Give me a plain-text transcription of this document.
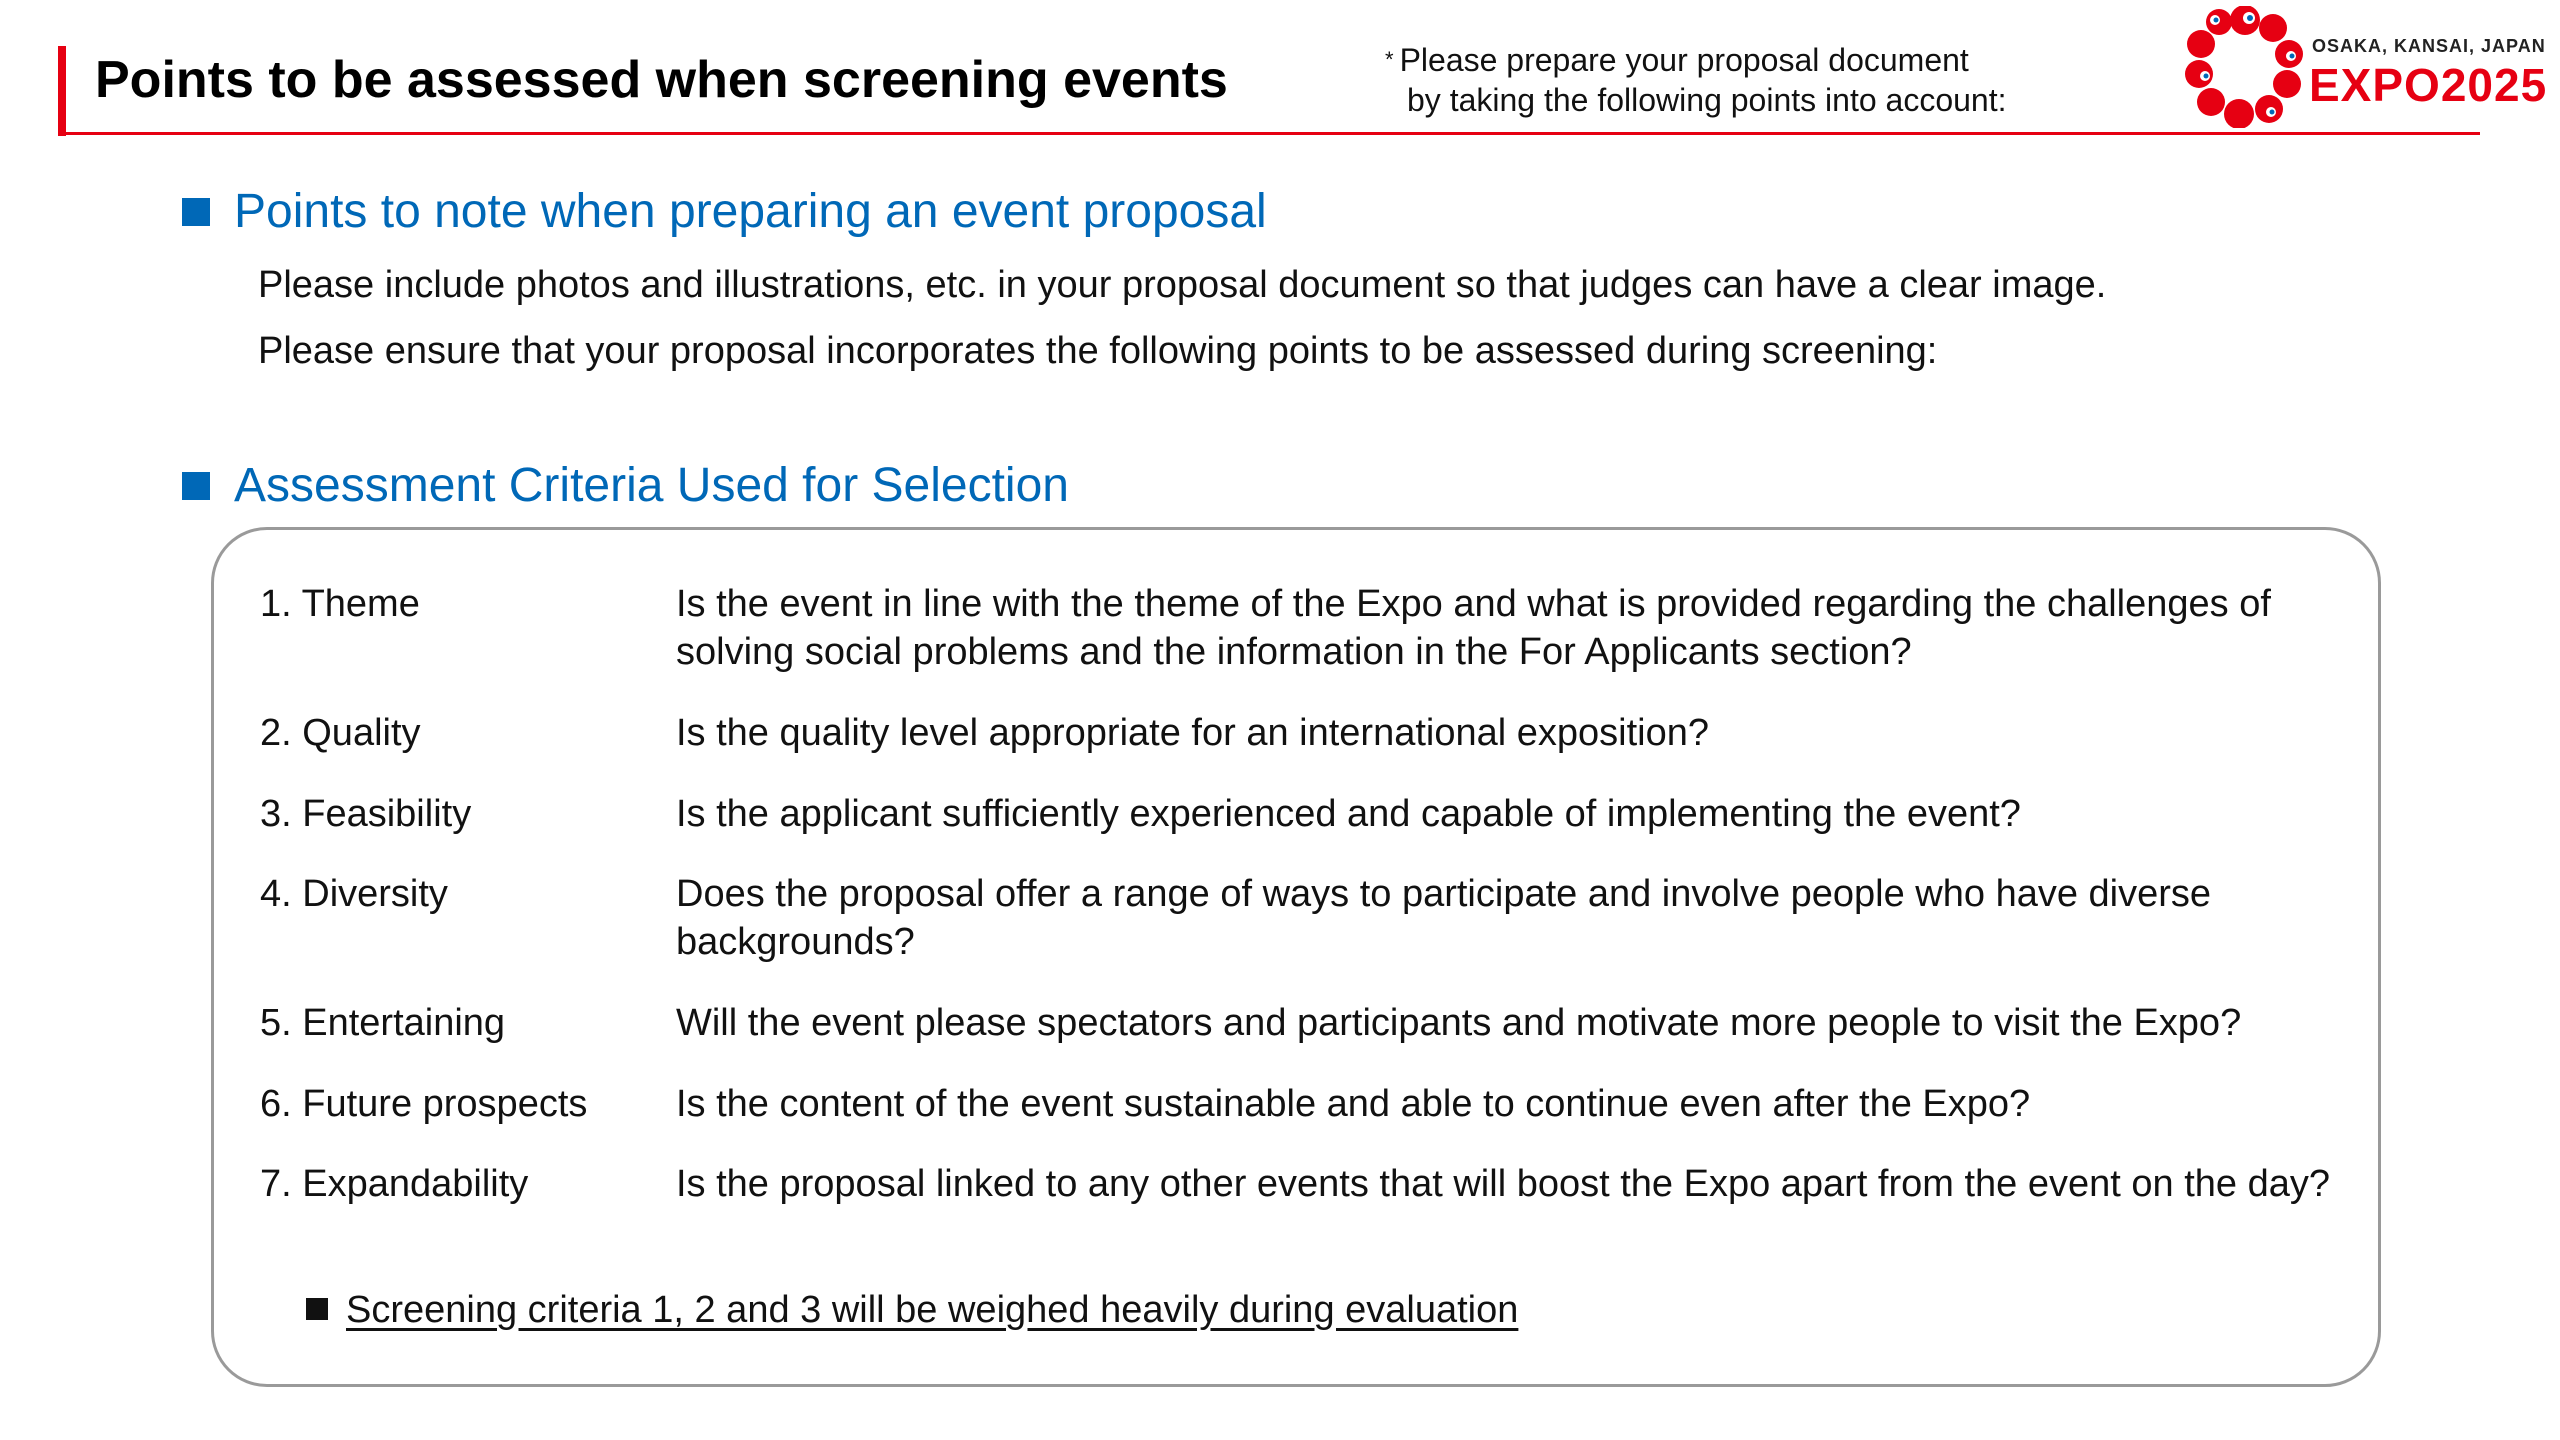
Points to be assessed when screening events	* Please prepare your proposal document
by taking the following points into account:
OSAKA, KANSAI, JAPAN
EXPO2025
Points to note when preparing an event proposal
Please include photos and illustrations, etc. in your proposal document so that judges can have a clear image.
Please ensure that your proposal incorporates the following points to be assessed during screening:
Assessment Criteria Used for Selection
1. Theme	Is the event in line with the theme of the Expo and what is provided regarding the challenges of solving social problems and the information in the For Applicants section?
2. Quality	Is the quality level appropriate for an international exposition?
3. Feasibility	Is the applicant sufficiently experienced and capable of implementing the event?
4. Diversity	Does the proposal offer a range of ways to participate and involve people who have diverse backgrounds?
5. Entertaining	Will the event please spectators and participants and motivate more people to visit the Expo?
6. Future prospects	Is the content of the event sustainable and able to continue even after the Expo?
7. Expandability	Is the proposal linked to any other events that will boost the Expo apart from the event on the day?
Screening criteria 1, 2 and 3 will be weighed heavily during evaluation
